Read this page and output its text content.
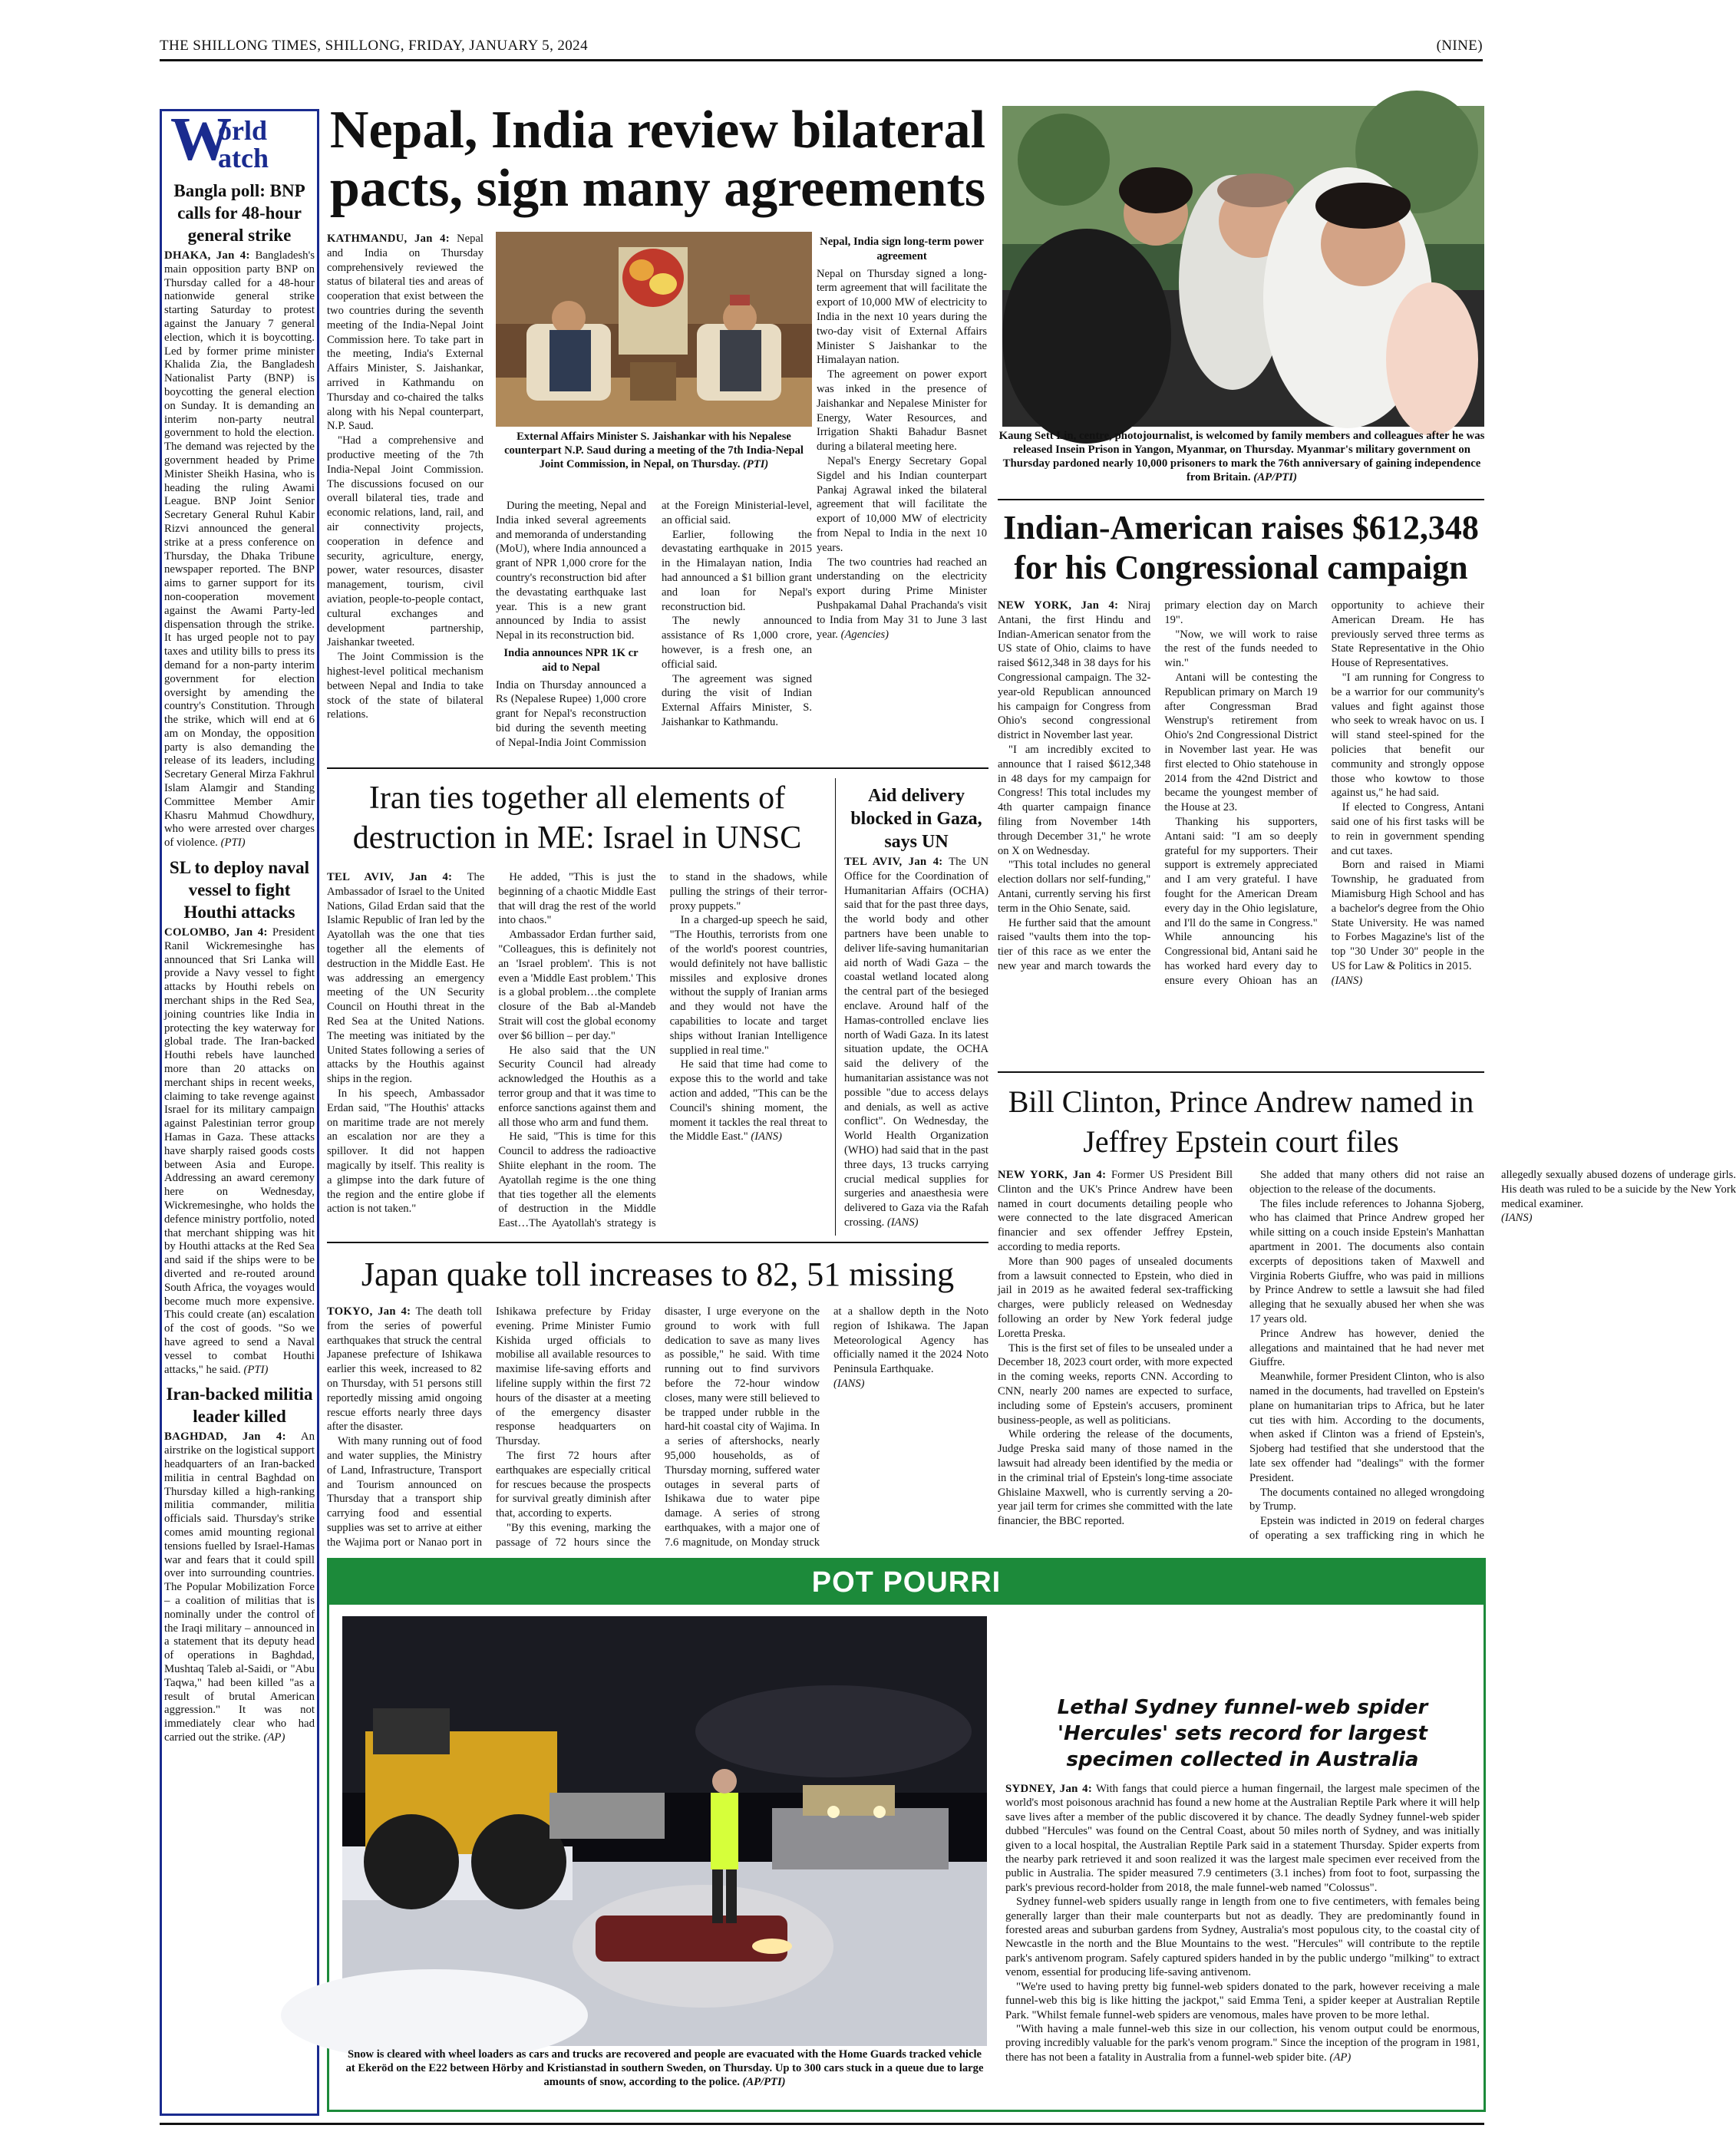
THE SHILLONG TIMES, SHILLONG, FRIDAY, JANUARY 5, 2024	(NINE)
W
orld
atch
Bangla poll: BNP calls for 48-hour general strike

DHAKA, Jan 4: Bangladesh's main opposition party BNP on Thursday called for a 48-hour nationwide general strike starting Saturday to protest against the January 7 general election, which it is boycotting. Led by former prime minister Khalida Zia, the Bangladesh Nationalist Party (BNP) is boycotting the general election on Sunday. It is demanding an interim non-party neutral government to hold the election. The demand was rejected by the government headed by Prime Minister Sheikh Hasina, who is heading the ruling Awami League. BNP Joint Senior Secretary General Ruhul Kabir Rizvi announced the general strike at a press conference on Thursday, the Dhaka Tribune newspaper reported. The BNP aims to garner support for its non-cooperation movement against the Awami Party-led dispensation through the strike. It has urged people not to pay taxes and utility bills to press its demand for a non-party interim government for election oversight by amending the country's Constitution. Through the strike, which will end at 6 am on Monday, the opposition party is also demanding the release of its leaders, including Secretary General Mirza Fakhrul Islam Alamgir and Standing Committee Member Amir Khasru Mahmud Chowdhury, who were arrested over charges of violence. (PTI)

SL to deploy naval vessel to fight Houthi attacks

COLOMBO, Jan 4: President Ranil Wickremesinghe has announced that Sri Lanka will provide a Navy vessel to fight attacks by Houthi rebels on merchant ships in the Red Sea, joining countries like India in protecting the key waterway for global trade. The Iran-backed Houthi rebels have launched more than 20 attacks on merchant ships in recent weeks, claiming to take revenge against Israel for its military campaign against Palestinian terror group Hamas in Gaza. These attacks have sharply raised goods costs between Asia and Europe. Addressing an award ceremony here on Wednesday, Wickremesinghe, who holds the defence ministry portfolio, noted that merchant shipping was hit by Houthi attacks at the Red Sea and said if the ships were to be diverted and re-routed around South Africa, the voyages would become much more expensive. This could create (an) escalation of the cost of goods. "So we have agreed to send a Naval vessel to combat Houthi attacks," he said. (PTI)

Iran-backed militia leader killed

BAGHDAD, Jan 4: An airstrike on the logistical support headquarters of an Iran-backed militia in central Baghdad on Thursday killed a high-ranking militia commander, militia officials said. Thursday's strike comes amid mounting regional tensions fuelled by Israel-Hamas war and fears that it could spill over into surrounding countries. The Popular Mobilization Force – a coalition of militias that is nominally under the control of the Iraqi military – announced in a statement that its deputy head of operations in Baghdad, Mushtaq Taleb al-Saidi, or "Abu Taqwa," had been killed "as a result of brutal American aggression." It was not immediately clear who had carried out the strike. (AP)

Nepal, India review bilateral pacts, sign many agreements
External Affairs Minister S. Jaishankar with his Nepalese counterpart N.P. Saud during a meeting of the 7th India-Nepal Joint Commission, in Nepal, on Thursday. (PTI)

KATHMANDU, Jan 4: Nepal and India on Thursday comprehensively reviewed the status of bilateral ties and areas of cooperation that exist between the two countries during the seventh meeting of the India-Nepal Joint Commission here. To take part in the meeting, India's External Affairs Minister, S. Jaishankar, arrived in Kathmandu on Thursday and co-chaired the talks along with his Nepal counterpart, N.P. Saud.

"Had a comprehensive and productive meeting of the 7th India-Nepal Joint Commission. The discussions focused on our overall bilateral ties, trade and economic relations, land, rail, and air connectivity projects, cooperation in defence and security, agriculture, energy, power, water resources, disaster management, tourism, civil aviation, people-to-people contact, cultural exchanges and development partnership, Jaishankar tweeted.

The Joint Commission is the highest-level political mechanism between Nepal and India to take stock of the state of bilateral relations.

During the meeting, Nepal and India inked several agreements and memoranda of understanding (MoU), where India announced a grant of NPR 1,000 crore for the country's reconstruction bid after the devastating earthquake last year. This is a new grant announced by India to assist Nepal in its reconstruction bid.

India announces NPR 1K cr aid to Nepal

India on Thursday announced a Rs (Nepalese Rupee) 1,000 crore grant for Nepal's reconstruction bid during the seventh meeting of Nepal-India Joint Commission at the Foreign Ministerial-level, an official said.

Earlier, following the devastating earthquake in 2015 in the Himalayan nation, India had announced a $1 billion grant and loan for Nepal's reconstruction bid.

The newly announced assistance of Rs 1,000 crore, however, is a fresh one, an official said.

The agreement was signed during the visit of Indian External Affairs Minister, S. Jaishankar to Kathmandu.

Nepal, India sign long-term power agreement

Nepal on Thursday signed a long-term agreement that will facilitate the export of 10,000 MW of electricity to India in the next 10 years during the two-day visit of External Affairs Minister S Jaishankar to the Himalayan nation.

The agreement on power export was inked in the presence of Jaishankar and Nepalese Minister for Energy, Water Resources, and Irrigation Shakti Bahadur Basnet during a bilateral meeting here.

Nepal's Energy Secretary Gopal Sigdel and his Indian counterpart Pankaj Agrawal inked the bilateral agreement that will facilitate the export of 10,000 MW of electricity from Nepal to India in the next 10 years.

The two countries had reached an understanding on the electricity export during Prime Minister Pushpakamal Dahal Prachanda's visit to India from May 31 to June 3 last year. (Agencies)

Kaung Sett Lin, centre, photojournalist, is welcomed by family members and colleagues after he was released Insein Prison in Yangon, Myanmar, on Thursday. Myanmar's military government on Thursday pardoned nearly 10,000 prisoners to mark the 76th anniversary of gaining independence from Britain. (AP/PTI)
Indian-American raises $612,348 for his Congressional campaign

NEW YORK, Jan 4: Niraj Antani, the first Hindu and Indian-American senator from the US state of Ohio, claims to have raised $612,348 in 38 days for his Congressional campaign. The 32-year-old Republican announced his campaign for Congress from Ohio's second congressional district in November last year.

"I am incredibly excited to announce that I raised $612,348 in 48 days for my campaign for Congress! This total includes my 4th quarter campaign finance filing from November 14th through December 31," he wrote on X on Wednesday.

"This total includes no general election dollars nor self-funding," Antani, currently serving his first term in the Ohio Senate, said.

He further said that the amount raised "vaults them into the top-tier of this race as we enter the new year and march towards the primary election day on March 19".

"Now, we will work to raise the rest of the funds needed to win."

Antani will be contesting the Republican primary on March 19 after Congressman Brad Wenstrup's retirement from Ohio's 2nd Congressional District in November last year. He was first elected to Ohio statehouse in 2014 from the 42nd District and became the youngest member of the House at 23.

Thanking his supporters, Antani said: "I am so deeply grateful for my supporters. Their support is extremely appreciated and I am very grateful. I have fought for the American Dream every day in the Ohio legislature, and I'll do the same in Congress." While announcing his Congressional bid, Antani said he has worked hard every day to ensure every Ohioan has an opportunity to achieve their American Dream. He has previously served three terms as State Representative in the Ohio House of Representatives.

"I am running for Congress to be a warrior for our community's values and fight against those who seek to wreak havoc on us. I will stand steel-spined for the policies that benefit our community and strongly oppose those who kowtow to those against us," he had said.

If elected to Congress, Antani said one of his first tasks will be to rein in government spending and cut taxes.

Born and raised in Miami Township, he graduated from Miamisburg High School and has a bachelor's degree from the Ohio State University. He was named to Forbes Magazine's list of the top "30 Under 30" people in the US for Law & Politics in 2015.

(IANS)

Iran ties together all elements of destruction in ME: Israel in UNSC

TEL AVIV, Jan 4: The Ambassador of Israel to the United Nations, Gilad Erdan said that the Islamic Republic of Iran led by the Ayatollah was the one that ties together all the elements of destruction in the Middle East. He was addressing an emergency meeting of the UN Security Council on Houthi threat in the Red Sea at the United Nations. The meeting was initiated by the United States following a series of attacks by the Houthis against ships in the region.

In his speech, Ambassador Erdan said, "The Houthis' attacks on maritime trade are not merely an escalation nor are they a spillover. It did not happen magically by itself. This reality is a glimpse into the dark future of the region and the entire globe if action is not taken."

He added, "This is just the beginning of a chaotic Middle East that will drag the rest of the world into chaos."

Ambassador Erdan further said, "Colleagues, this is definitely not an 'Israel problem'. This is not even a 'Middle East problem.' This is a global problem…the complete closure of the Bab al-Mandeb Strait will cost the global economy over $6 billion – per day."

He also said that the UN Security Council had already acknowledged the Houthis as a terror group and that it was time to enforce sanctions against them and all those who arm and fund them.

He said, "This is time for this Council to address the radioactive Shiite elephant in the room. The Ayatollah regime is the one thing that ties together all the elements of destruction in the Middle East…The Ayatollah's strategy is to stand in the shadows, while pulling the strings of their terror-proxy puppets."

In a charged-up speech he said, "The Houthis, terrorists from one of the world's poorest countries, would definitely not have ballistic missiles and explosive drones without the supply of Iranian arms and they would not have the capabilities to locate and target ships without Iranian Intelligence supplied in real time."

He said that time had come to expose this to the world and take action and added, "This can be the Council's shining moment, the moment it tackles the real threat to the Middle East." (IANS)

Aid delivery blocked in Gaza, says UN

TEL AVIV, Jan 4: The UN Office for the Coordination of Humanitarian Affairs (OCHA) said that for the past three days, the world body and other partners have been unable to deliver life-saving humanitarian aid north of Wadi Gaza – the coastal wetland located along the central part of the besieged enclave. Around half of the Hamas-controlled enclave lies north of Wadi Gaza. In its latest situation update, the OCHA said the delivery of the humanitarian assistance was not possible "due to access delays and denials, as well as active conflict". On Wednesday, the World Health Organization (WHO) had said that in the past three days, 13 trucks carrying crucial medical supplies for surgeries and anaesthesia were delivered to Gaza via the Rafah crossing. (IANS)

Japan quake toll increases to 82, 51 missing

TOKYO, Jan 4: The death toll from the series of powerful earthquakes that struck the central Japanese prefecture of Ishikawa earlier this week, increased to 82 on Thursday, with 51 persons still reportedly missing amid ongoing rescue efforts nearly three days after the disaster.

With many running out of food and water supplies, the Ministry of Land, Infrastructure, Transport and Tourism announced on Thursday that a transport ship carrying food and essential supplies was set to arrive at either the Wajima port or Nanao port in Ishikawa prefecture by Friday evening. Prime Minister Fumio Kishida urged officials to mobilise all available resources to maximise life-saving efforts and lifeline supply within the first 72 hours of the disaster at a meeting of the emergency disaster response headquarters on Thursday.

The first 72 hours after earthquakes are especially critical for rescues because the prospects for survival greatly diminish after that, according to experts.

"By this evening, marking the passage of 72 hours since the disaster, I urge everyone on the ground to work with full dedication to save as many lives as possible," he said. With time running out to find survivors before the 72-hour window closes, many were still believed to be trapped under rubble in the hard-hit coastal city of Wajima. In a series of aftershocks, nearly 95,000 households, as of Thursday morning, suffered water outages in several parts of Ishikawa due to water pipe damage. A series of strong earthquakes, with a major one of 7.6 magnitude, on Monday struck at a shallow depth in the Noto region of Ishikawa. The Japan Meteorological Agency has officially named it the 2024 Noto Peninsula Earthquake.

(IANS)

Bill Clinton, Prince Andrew named in Jeffrey Epstein court files

NEW YORK, Jan 4: Former US President Bill Clinton and the UK's Prince Andrew have been named in court documents detailing people who were connected to the late disgraced American financier and sex offender Jeffrey Epstein, according to media reports.

More than 900 pages of unsealed documents from a lawsuit connected to Epstein, who died in jail in 2019 as he awaited federal sex-trafficking charges, were publicly released on Wednesday following an order by New York federal judge Loretta Preska.

This is the first set of files to be unsealed under a December 18, 2023 court order, with more expected in the coming weeks, reports CNN. According to CNN, nearly 200 names are expected to surface, including some of Epstein's accusers, prominent business-people, as well as politicians.

While ordering the release of the documents, Judge Preska said many of those named in the lawsuit had already been identified by the media or in the criminal trial of Epstein's long-time associate Ghislaine Maxwell, who is currently serving a 20-year jail term for crimes she committed with the late financier, the BBC reported.

She added that many others did not raise an objection to the release of the documents.

The files include references to Johanna Sjoberg, who has claimed that Prince Andrew groped her while sitting on a couch inside Epstein's Manhattan apartment in 2001. The documents also contain excerpts of depositions taken of Maxwell and Virginia Roberts Giuffre, who was paid in millions by Prince Andrew to settle a lawsuit she had filed alleging that he sexually abused her when she was 17 years old.

Prince Andrew has however, denied the allegations and maintained that he had never met Giuffre.

Meanwhile, former President Clinton, who is also named in the documents, had travelled on Epstein's plane on humanitarian trips to Africa, but he later cut ties with him. According to the documents, when asked if Clinton was a friend of Epstein's, Sjoberg had testified that she understood that the late sex offender had "dealings" with the former President.

The documents contained no alleged wrongdoing by Trump.

Epstein was indicted in 2019 on federal charges of operating a sex trafficking ring in which he allegedly sexually abused dozens of underage girls. His death was ruled to be a suicide by the New York medical examiner.

(IANS)

POT POURRI
Snow is cleared with wheel loaders as cars and trucks are recovered and people are evacuated with the Home Guards tracked vehicle at Ekeröd on the E22 between Hörby and Kristianstad in southern Sweden, on Thursday. Up to 300 cars stuck in a queue due to large amounts of snow, according to the police. (AP/PTI)
Lethal Sydney funnel-web spider 'Hercules' sets record for largest specimen collected in Australia

SYDNEY, Jan 4: With fangs that could pierce a human fingernail, the largest male specimen of the world's most poisonous arachnid has found a new home at the Australian Reptile Park where it will help save lives after a member of the public discovered it by chance. The deadly Sydney funnel-web spider dubbed "Hercules" was found on the Central Coast, about 50 miles north of Sydney, and was initially given to a local hospital, the Australian Reptile Park said in a statement Thursday. Spider experts from the nearby park retrieved it and soon realized it was the largest male specimen ever received from the public in Australia. The spider measured 7.9 centimeters (3.1 inches) from foot to foot, surpassing the park's previous record-holder from 2018, the male funnel-web named "Colossus".

Sydney funnel-web spiders usually range in length from one to five centimeters, with females being generally larger than their male counterparts but not as deadly. They are predominantly found in forested areas and suburban gardens from Sydney, Australia's most populous city, to the coastal city of Newcastle in the north and the Blue Mountains to the west. "Hercules" will contribute to the reptile park's antivenom program. Safely captured spiders handed in by the public undergo "milking" to extract venom, essential for producing life-saving antivenom.

"We're used to having pretty big funnel-web spiders donated to the park, however receiving a male funnel-web this big is like hitting the jackpot," said Emma Teni, a spider keeper at Australian Reptile Park. "Whilst female funnel-web spiders are venomous, males have proven to be more lethal.

"With having a male funnel-web this size in our collection, his venom output could be enormous, proving incredibly valuable for the park's venom program." Since the inception of the program in 1981, there has not been a fatality in Australia from a funnel-web spider bite. (AP)
